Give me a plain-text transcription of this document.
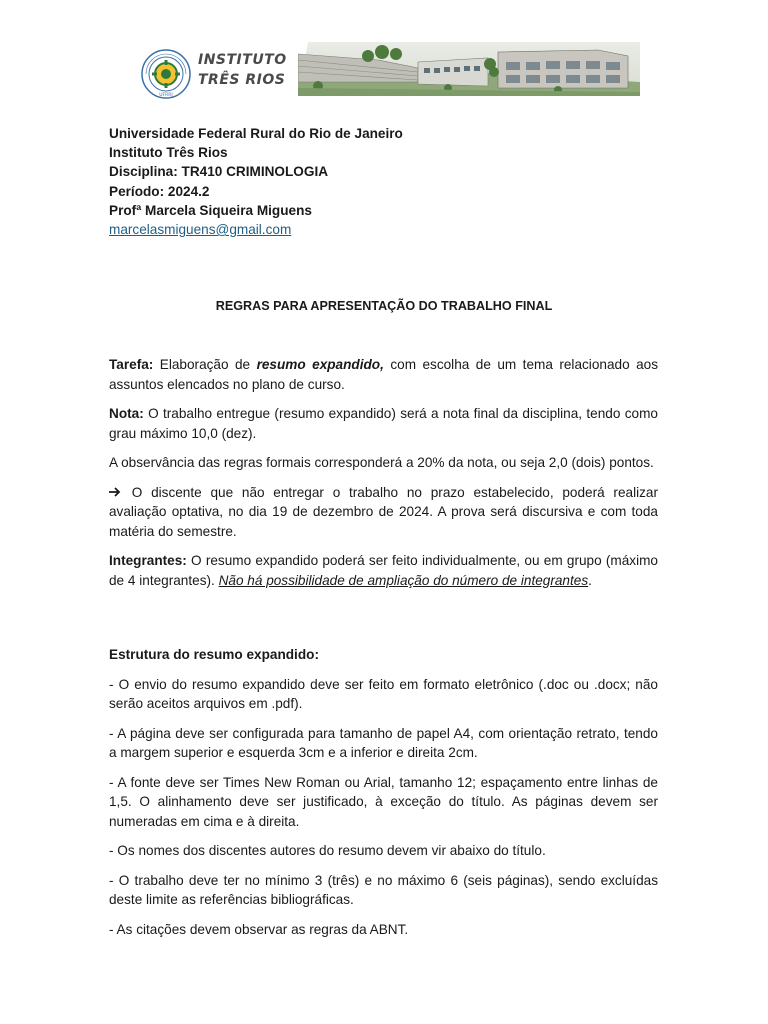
UFRRJ
INSTITUTO
TRÊS RIOS
Universidade Federal Rural do Rio de Janeiro
Instituto Três Rios
Disciplina: TR410 CRIMINOLOGIA
Período: 2024.2
Profª Marcela Siqueira Miguens
marcelasmiguens@gmail.com
REGRAS PARA APRESENTAÇÃO DO TRABALHO FINAL

Tarefa: Elaboração de resumo expandido, com escolha de um tema relacionado aos assuntos elencados no plano de curso.

Nota: O trabalho entregue (resumo expandido) será a nota final da disciplina, tendo como grau máximo 10,0 (dez).

A observância das regras formais corresponderá a 20% da nota, ou seja 2,0 (dois) pontos.

O discente que não entregar o trabalho no prazo estabelecido, poderá realizar avaliação optativa, no dia 19 de dezembro de 2024. A prova será discursiva e com toda matéria do semestre.

Integrantes: O resumo expandido poderá ser feito individualmente, ou em grupo (máximo de 4 integrantes). Não há possibilidade de ampliação do número de integrantes.

Estrutura do resumo expandido:

- O envio do resumo expandido deve ser feito em formato eletrônico (.doc ou .docx; não serão aceitos arquivos em .pdf).

- A página deve ser configurada para tamanho de papel A4, com orientação retrato, tendo a margem superior e esquerda 3cm e a inferior e direita 2cm.

- A fonte deve ser Times New Roman ou Arial, tamanho 12; espaçamento entre linhas de 1,5. O alinhamento deve ser justificado, à exceção do título. As páginas devem ser numeradas em cima e à direita.

- Os nomes dos discentes autores do resumo devem vir abaixo do título.

- O trabalho deve ter no mínimo 3 (três) e no máximo 6 (seis páginas), sendo excluídas deste limite as referências bibliográficas.

- As citações devem observar as regras da ABNT.
